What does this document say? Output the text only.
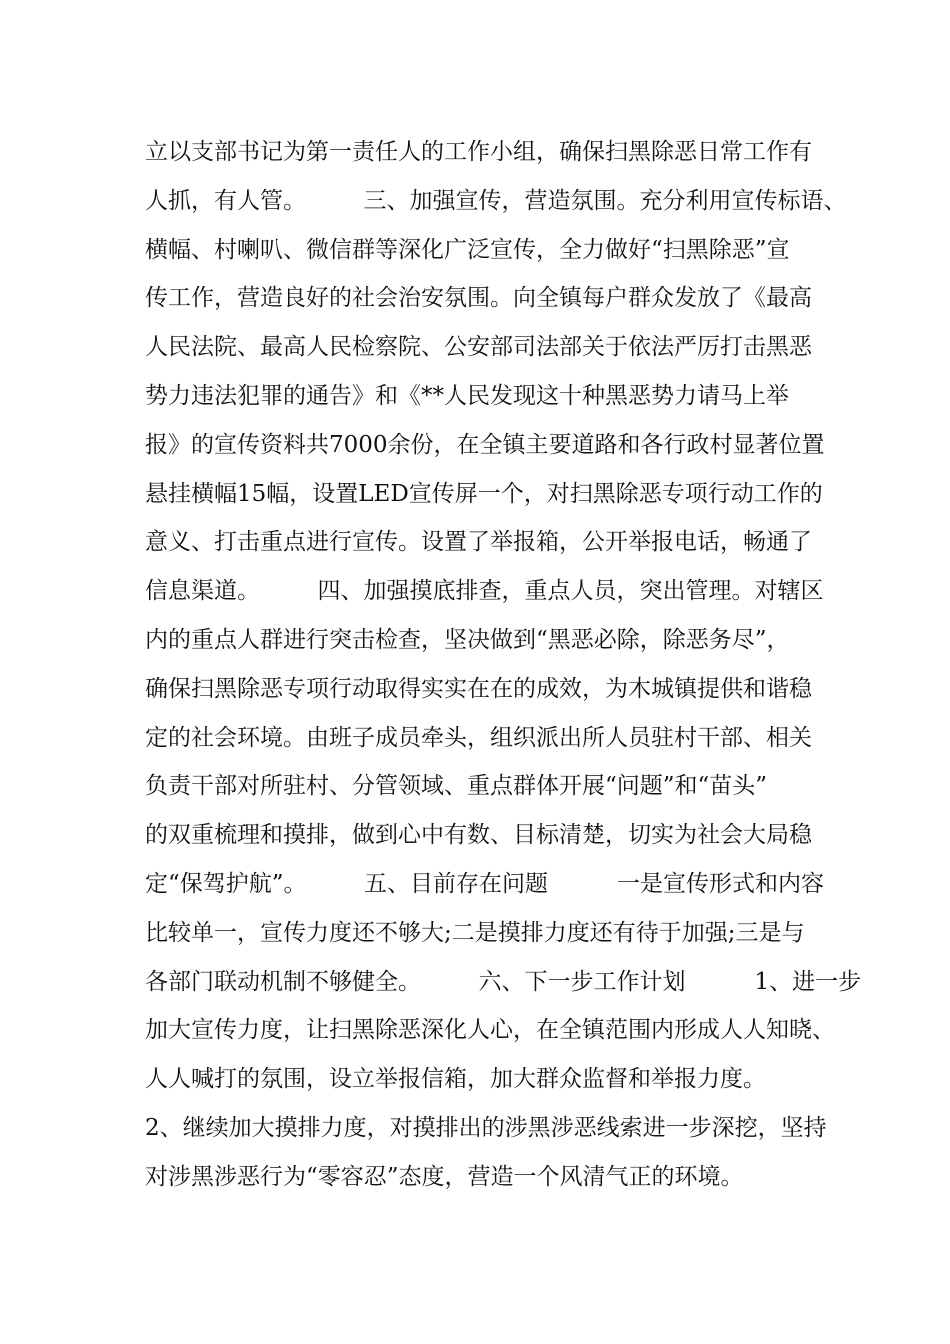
立以支部书记为第一责任人的工作小组，确保扫黑除恶日常工作有
人抓，有人管。　　　三、加强宣传，营造氛围。充分利用宣传标语、
横幅、村喇叭、微信群等深化广泛宣传，全力做好“扫黑除恶”宣
传工作，营造良好的社会治安氛围。向全镇每户群众发放了《最高
人民法院、最高人民检察院、公安部司法部关于依法严厉打击黑恶
势力违法犯罪的通告》和《**人民发现这十种黑恶势力请马上举
报》的宣传资料共7000余份，在全镇主要道路和各行政村显著位置
悬挂横幅15幅，设置LED宣传屏一个，对扫黑除恶专项行动工作的
意义、打击重点进行宣传。设置了举报箱，公开举报电话，畅通了
信息渠道。　　　四、加强摸底排查，重点人员，突出管理。对辖区
内的重点人群进行突击检查，坚决做到“黑恶必除，除恶务尽”，
确保扫黑除恶专项行动取得实实在在的成效，为木城镇提供和谐稳
定的社会环境。由班子成员牵头，组织派出所人员驻村干部、相关
负责干部对所驻村、分管领域、重点群体开展“问题”和“苗头”
的双重梳理和摸排，做到心中有数、目标清楚，切实为社会大局稳
定“保驾护航”。　　　五、目前存在问题　　　一是宣传形式和内容
比较单一，宣传力度还不够大;二是摸排力度还有待于加强;三是与
各部门联动机制不够健全。　　　六、下一步工作计划　　　1、进一步
加大宣传力度，让扫黑除恶深化人心，在全镇范围内形成人人知晓、
人人喊打的氛围，设立举报信箱，加大群众监督和举报力度。
2、继续加大摸排力度，对摸排出的涉黑涉恶线索进一步深挖，坚持
对涉黑涉恶行为“零容忍”态度，营造一个风清气正的环境。
